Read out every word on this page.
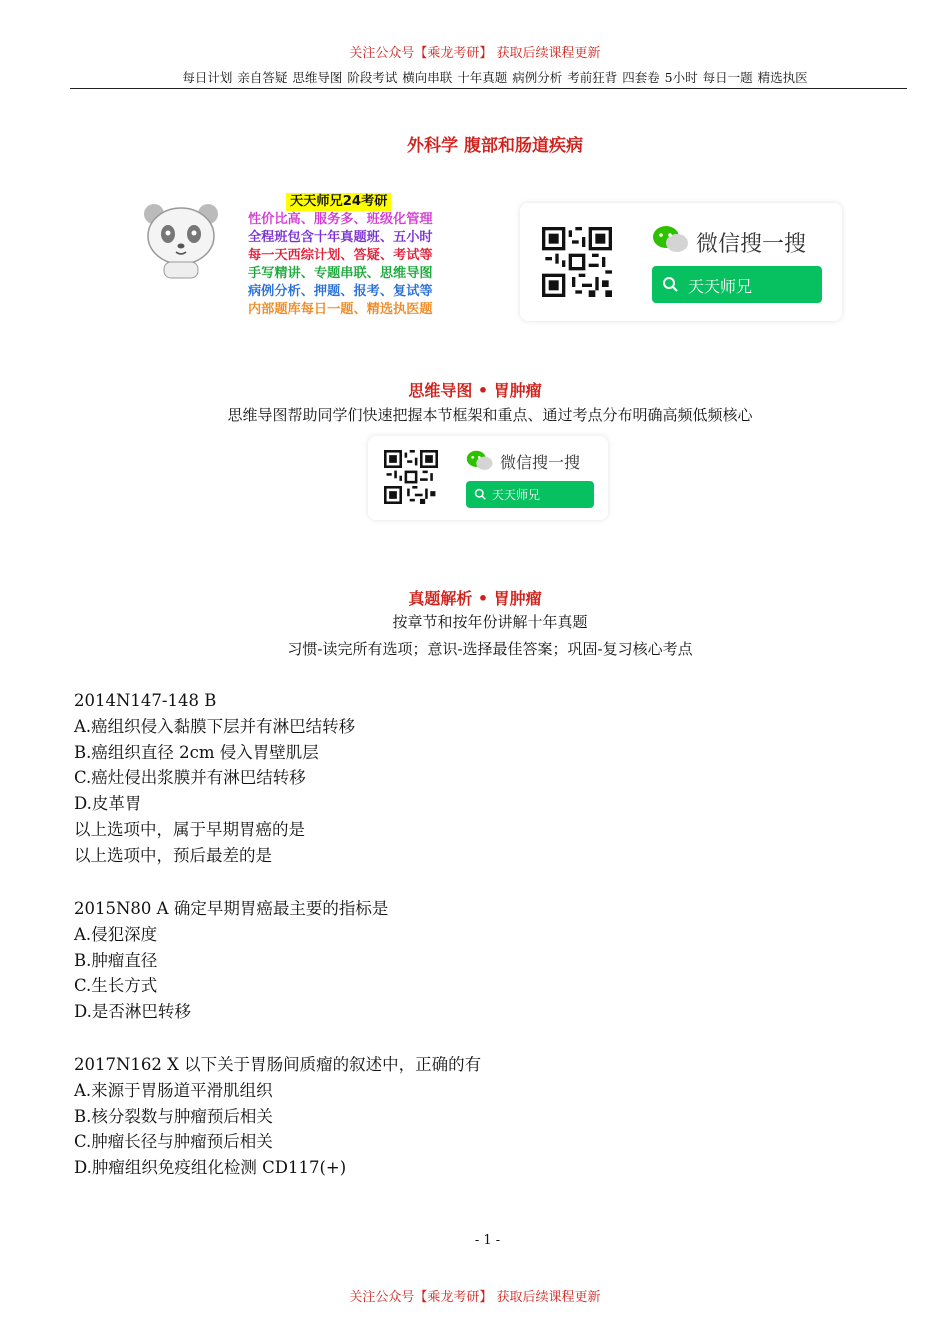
关注公众号【乘龙考研】 获取后续课程更新
每日计划 亲自答疑 思维导图 阶段考试 横向串联 十年真题 病例分析 考前狂背 四套卷 5小时 每日一题 精选执医
外科学 腹部和肠道疾病
天天师兄24考研
性价比高、服务多、班级化管理
全程班包含十年真题班、五小时
每一天西综计划、答疑、考试等
手写精讲、专题串联、思维导图
病例分析、押题、报考、复试等
内部题库每日一题、精选执医题
微信搜一搜
天天师兄
思维导图 • 胃肿瘤
思维导图帮助同学们快速把握本节框架和重点、通过考点分布明确高频低频核心
微信搜一搜
天天师兄
真题解析 • 胃肿瘤
按章节和按年份讲解十年真题
习惯-读完所有选项；意识-选择最佳答案；巩固-复习核心考点
2014N147-148 B
A.癌组织侵入黏膜下层并有淋巴结转移
B.癌组织直径 2cm 侵入胃壁肌层
C.癌灶侵出浆膜并有淋巴结转移
D.皮革胃
以上选项中，属于早期胃癌的是
以上选项中，预后最差的是
2015N80 A 确定早期胃癌最主要的指标是
A.侵犯深度
B.肿瘤直径
C.生长方式
D.是否淋巴转移
2017N162 X 以下关于胃肠间质瘤的叙述中，正确的有
A.来源于胃肠道平滑肌组织
B.核分裂数与肿瘤预后相关
C.肿瘤长径与肿瘤预后相关
D.肿瘤组织免疫组化检测 CD117(+)
- 1 -
关注公众号【乘龙考研】 获取后续课程更新
